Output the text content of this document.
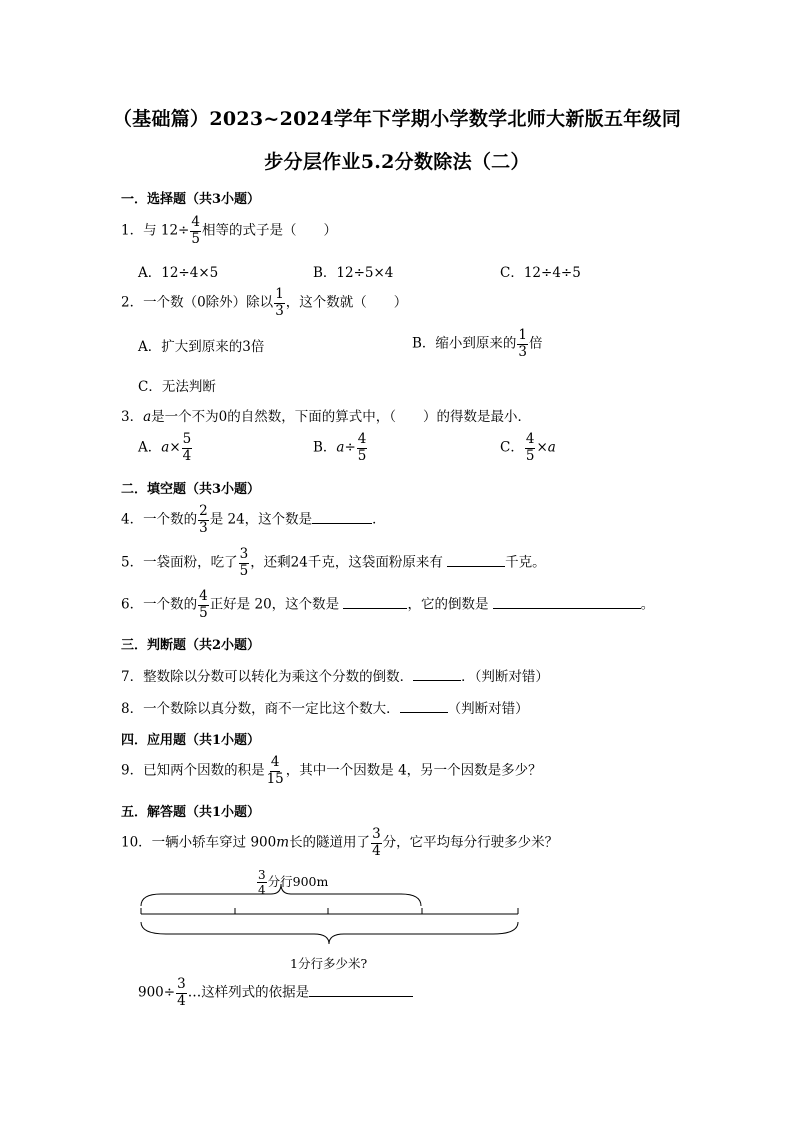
（基础篇）2023~2024学年下学期小学数学北师大新版五年级同
步分层作业5.2分数除法（二）
一．选择题（共3小题）
1．与 $12\div \frac{4}{5}$ 相等的式子是（　　）
A．12÷4×5	B．12÷5×4	C．12÷4÷5
2．一个数（0除外）除以 $\frac{1}{3}$ ，这个数就（　　）
A．扩大到原来的3倍	B．缩小到原来的 $\frac{1}{3}$ 倍
C．无法判断
3．a是一个不为0的自然数，下面的算式中，（　　）的得数是最小．
A．$a\times \frac{5}{4}$	B．$a\div \frac{4}{5}$	C． $\frac{4}{5} \times a$
二．填空题（共3小题）
4．一个数的 $\frac{2}{3}$ 是 24，这个数是	．
5．一袋面粉，吃了 $\frac{3}{5}$ ，还剩24千克，这袋面粉原来有	千克。
6．一个数的 $\frac{4}{5}$ 正好是 20，这个数是	，它的倒数是	。
三．判断题（共2小题）
7．整数除以分数可以转化为乘这个分数的倒数．	．（判断对错）
8．一个数除以真分数，商不一定比这个数大．	（判断对错）
四．应用题（共1小题）
9．已知两个因数的积是 $\frac{4}{15}$ ，其中一个因数是 4，另一个因数是多少？
五．解答题（共1小题）
10．一辆小轿车穿过 900m长的隧道用了 $\frac{3}{4}$ 分，它平均每分行驶多少米？
$\frac{3}{4}$ 分行900m
1分行多少米?
$900\div \frac{3}{4}$ …这样列式的依据是
